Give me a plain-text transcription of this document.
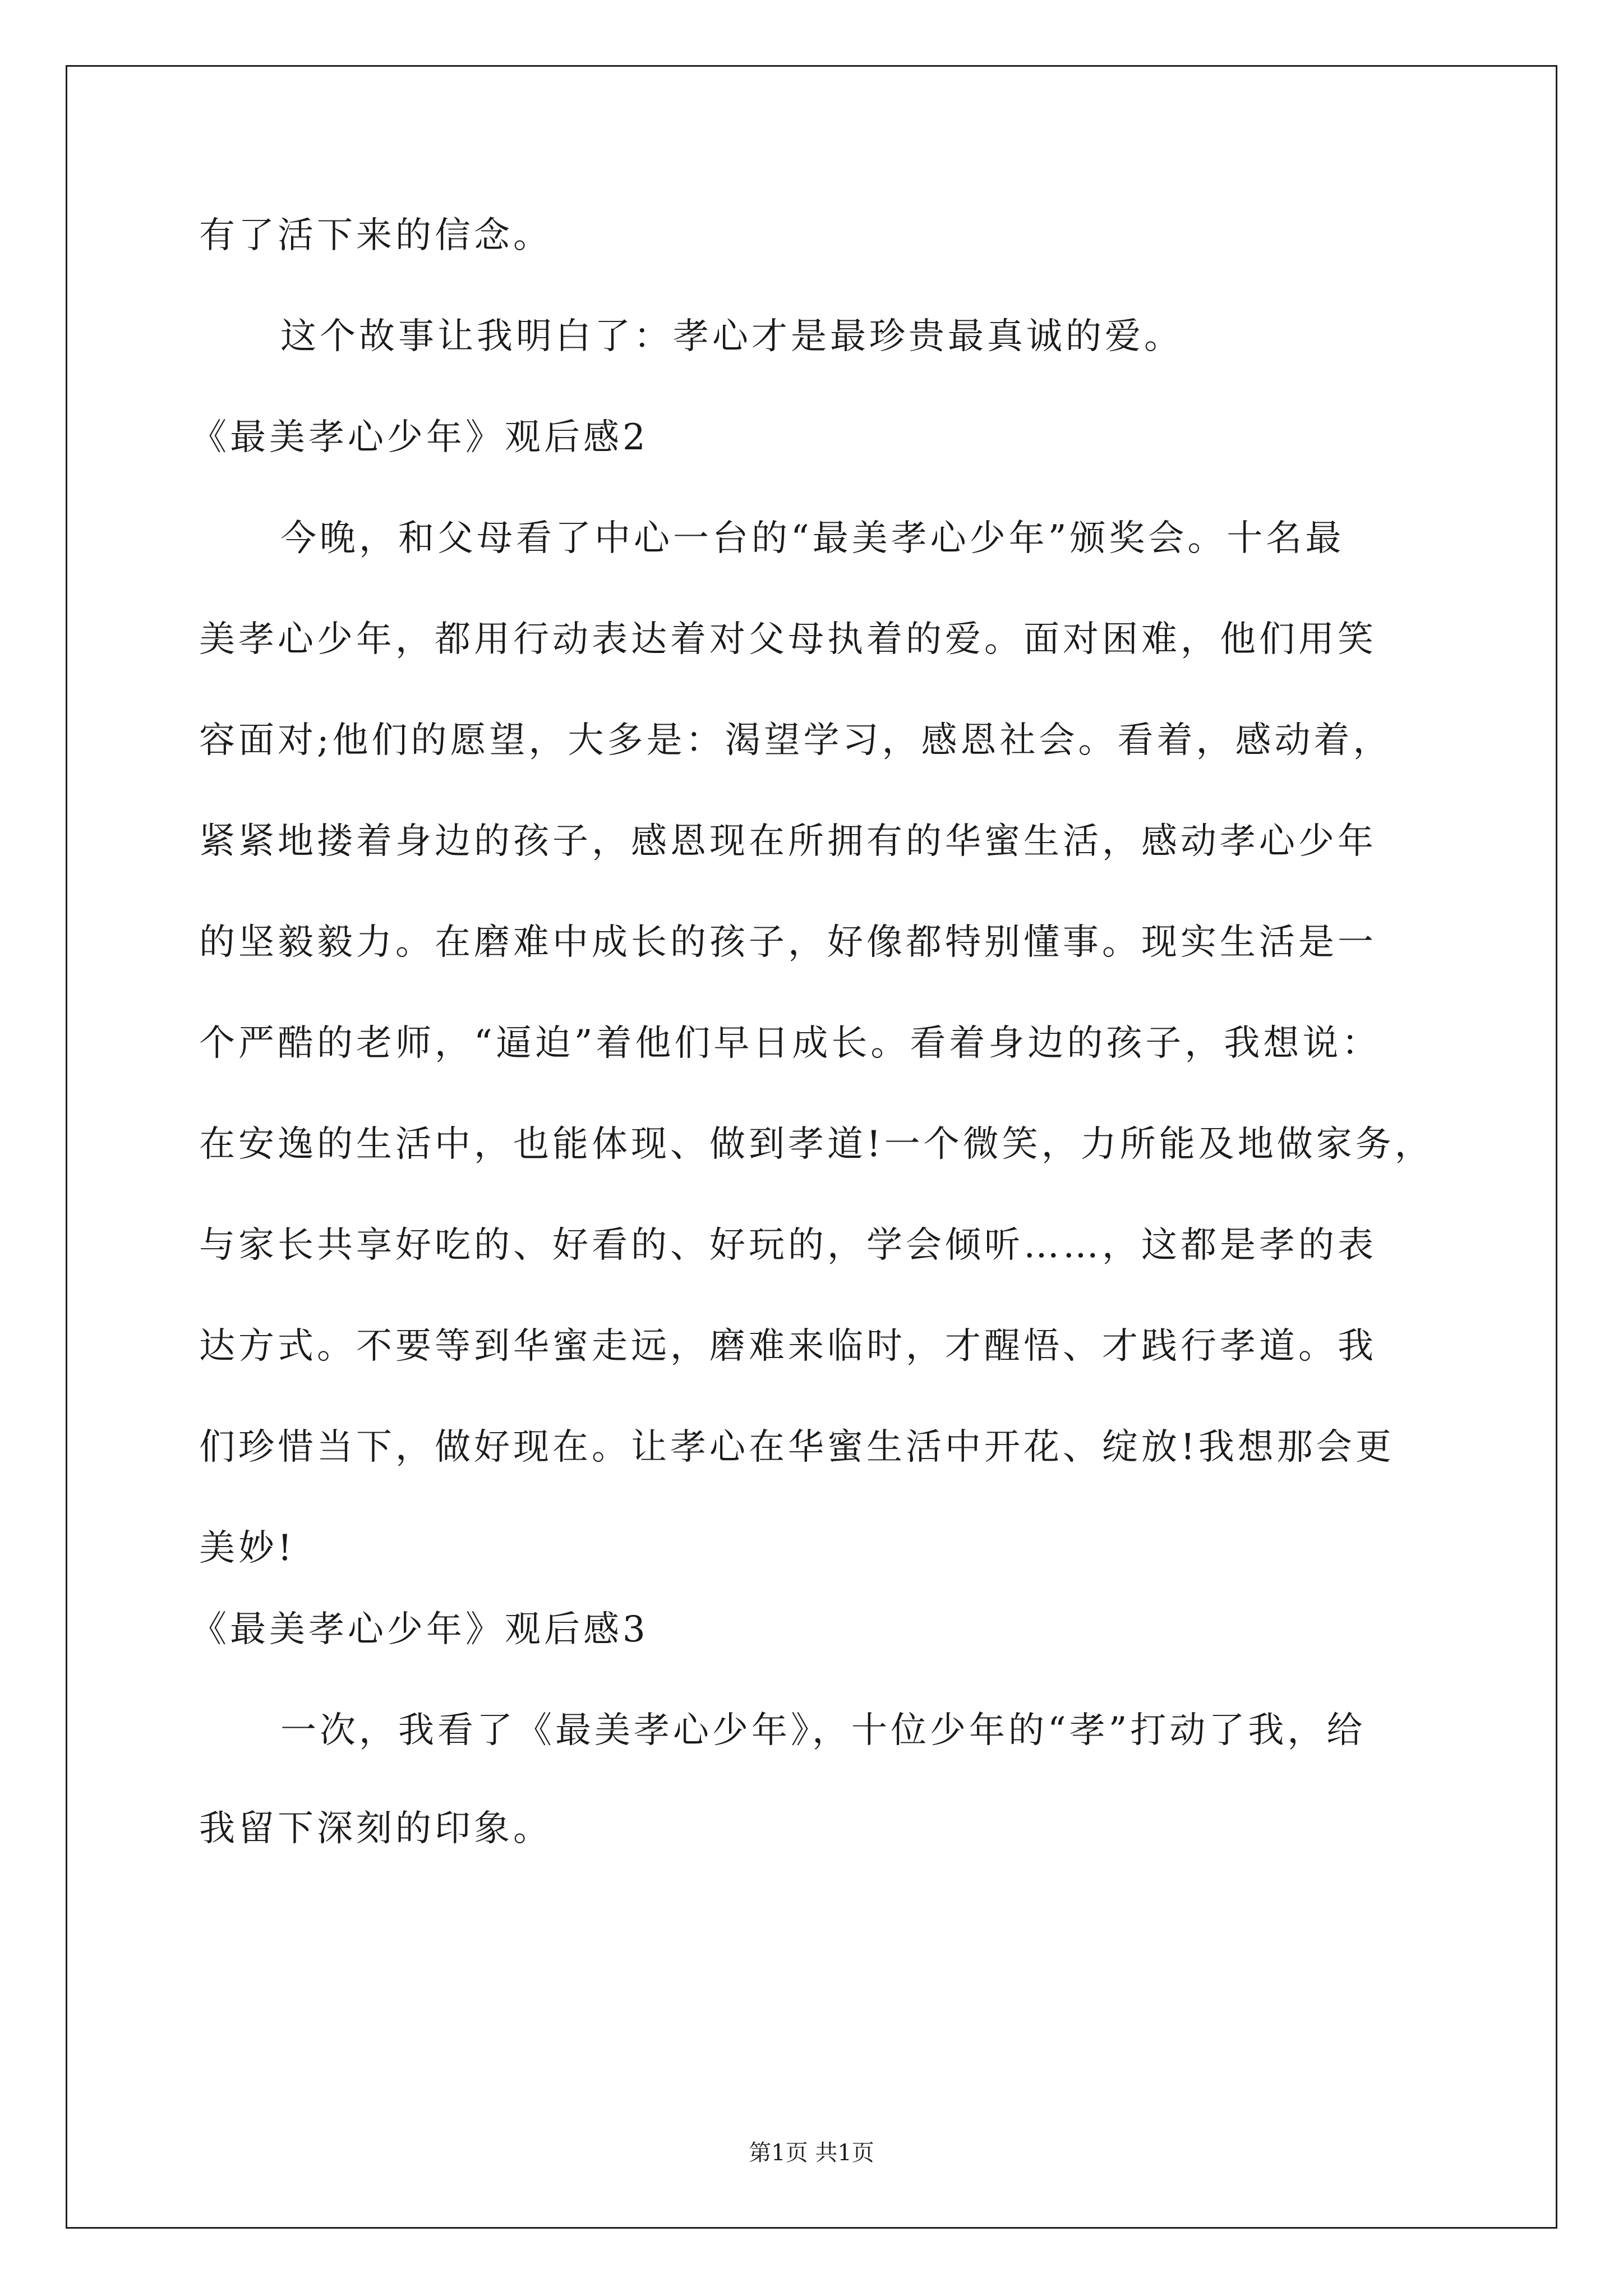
有了活下来的信念。
这个故事让我明白了：孝心才是最珍贵最真诚的爱。
《最美孝心少年》观后感2
今晚，和父母看了中心一台的“最美孝心少年”颁奖会。十名最
美孝心少年，都用行动表达着对父母执着的爱。面对困难，他们用笑
容面对;他们的愿望，大多是：渴望学习，感恩社会。看着，感动着，
紧紧地搂着身边的孩子，感恩现在所拥有的华蜜生活，感动孝心少年
的坚毅毅力。在磨难中成长的孩子，好像都特别懂事。现实生活是一
个严酷的老师，“逼迫”着他们早日成长。看着身边的孩子，我想说：
在安逸的生活中，也能体现、做到孝道!一个微笑，力所能及地做家务，
与家长共享好吃的、好看的、好玩的，学会倾听……，这都是孝的表
达方式。不要等到华蜜走远，磨难来临时，才醒悟、才践行孝道。我
们珍惜当下，做好现在。让孝心在华蜜生活中开花、绽放!我想那会更
美妙!
《最美孝心少年》观后感3
一次，我看了《最美孝心少年》，十位少年的“孝”打动了我，给
我留下深刻的印象。
第1页 共1页
